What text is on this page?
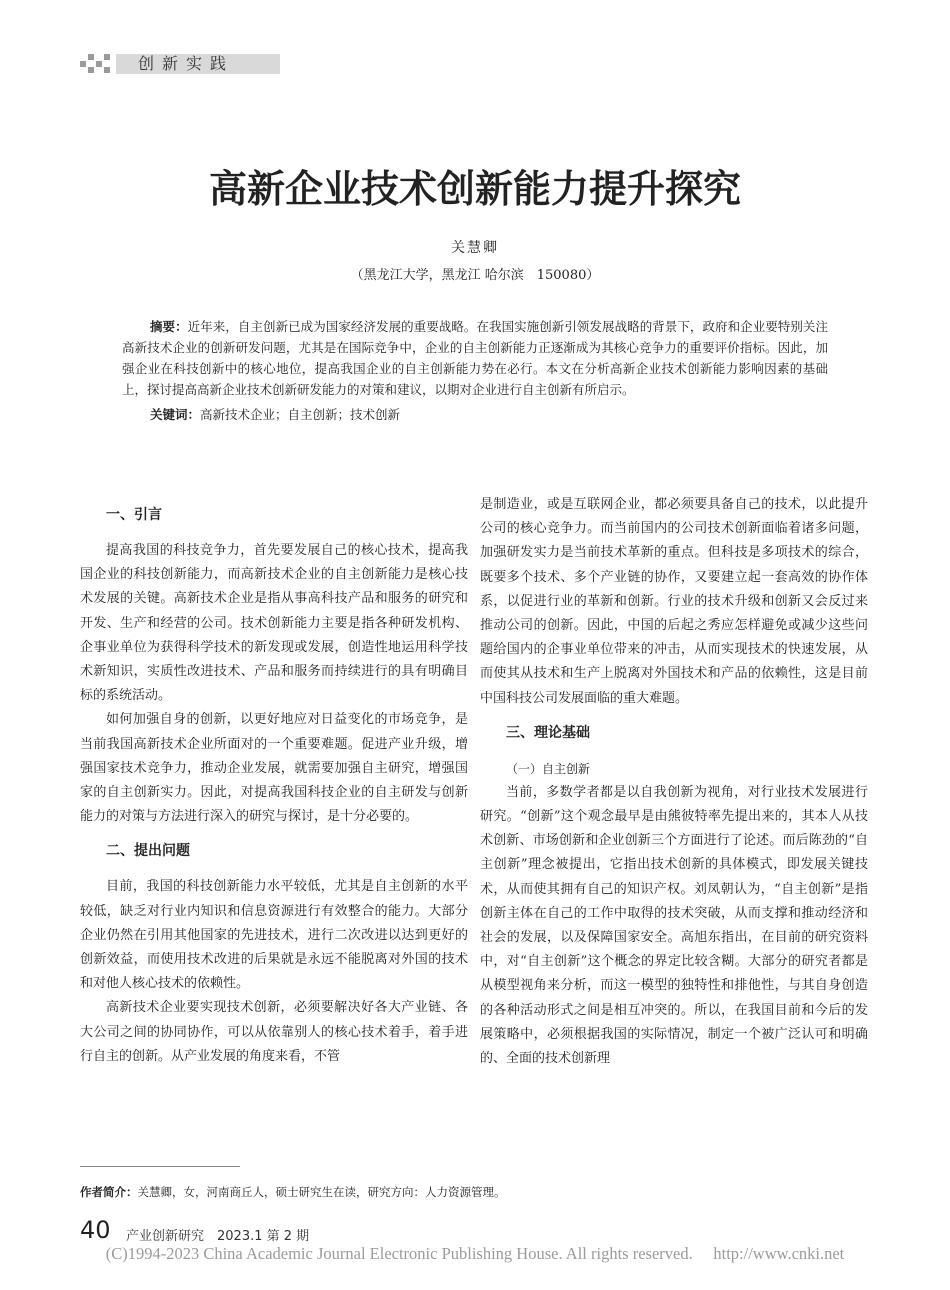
创新实践
高新企业技术创新能力提升探究
关慧卿
（黑龙江大学，黑龙江 哈尔滨　150080）

摘要：近年来，自主创新已成为国家经济发展的重要战略。在我国实施创新引领发展战略的背景下，政府和企业要特别关注高新技术企业的创新研发问题，尤其是在国际竞争中，企业的自主创新能力正逐渐成为其核心竞争力的重要评价指标。因此，加强企业在科技创新中的核心地位，提高我国企业的自主创新能力势在必行。本文在分析高新企业技术创新能力影响因素的基础上，探讨提高高新企业技术创新研发能力的对策和建议，以期对企业进行自主创新有所启示。

关键词：高新技术企业；自主创新；技术创新

一、引言

提高我国的科技竞争力，首先要发展自己的核心技术，提高我国企业的科技创新能力，而高新技术企业的自主创新能力是核心技术发展的关键。高新技术企业是指从事高科技产品和服务的研究和开发、生产和经营的公司。技术创新能力主要是指各种研发机构、企事业单位为获得科学技术的新发现或发展，创造性地运用科学技术新知识，实质性改进技术、产品和服务而持续进行的具有明确目标的系统活动。

如何加强自身的创新，以更好地应对日益变化的市场竞争，是当前我国高新技术企业所面对的一个重要难题。促进产业升级，增强国家技术竞争力，推动企业发展，就需要加强自主研究，增强国家的自主创新实力。因此，对提高我国科技企业的自主研发与创新能力的对策与方法进行深入的研究与探讨，是十分必要的。

二、提出问题

目前，我国的科技创新能力水平较低，尤其是自主创新的水平较低，缺乏对行业内知识和信息资源进行有效整合的能力。大部分企业仍然在引用其他国家的先进技术，进行二次改进以达到更好的创新效益，而使用技术改进的后果就是永远不能脱离对外国的技术和对他人核心技术的依赖性。

高新技术企业要实现技术创新，必须要解决好各大产业链、各大公司之间的协同协作，可以从依靠别人的核心技术着手，着手进行自主的创新。从产业发展的角度来看，不管

是制造业，或是互联网企业，都必须要具备自己的技术，以此提升公司的核心竞争力。而当前国内的公司技术创新面临着诸多问题，加强研发实力是当前技术革新的重点。但科技是多项技术的综合，既要多个技术、多个产业链的协作，又要建立起一套高效的协作体系，以促进行业的革新和创新。行业的技术升级和创新又会反过来推动公司的创新。因此，中国的后起之秀应怎样避免或减少这些问题给国内的企事业单位带来的冲击，从而实现技术的快速发展，从而使其从技术和生产上脱离对外国技术和产品的依赖性，这是目前中国科技公司发展面临的重大难题。

三、理论基础
（一）自主创新

当前，多数学者都是以自我创新为视角，对行业技术发展进行研究。“创新”这个观念最早是由熊彼特率先提出来的，其本人从技术创新、市场创新和企业创新三个方面进行了论述。而后陈劲的“自主创新”理念被提出，它指出技术创新的具体模式，即发展关键技术，从而使其拥有自己的知识产权。刘凤朝认为，“自主创新”是指创新主体在自己的工作中取得的技术突破，从而支撑和推动经济和社会的发展，以及保障国家安全。高旭东指出，在目前的研究资料中，对“自主创新”这个概念的界定比较含糊。大部分的研究者都是从模型视角来分析，而这一模型的独特性和排他性，与其自身创造的各种活动形式之间是相互冲突的。所以，在我国目前和今后的发展策略中，必须根据我国的实际情况，制定一个被广泛认可和明确的、全面的技术创新理

作者简介：关慧卿，女，河南商丘人，硕士研究生在读，研究方向：人力资源管理。
40 产业创新研究　2023.1 第 2 期
(C)1994-2023 China Academic Journal Electronic Publishing House. All rights reserved.　 http://www.cnki.net
